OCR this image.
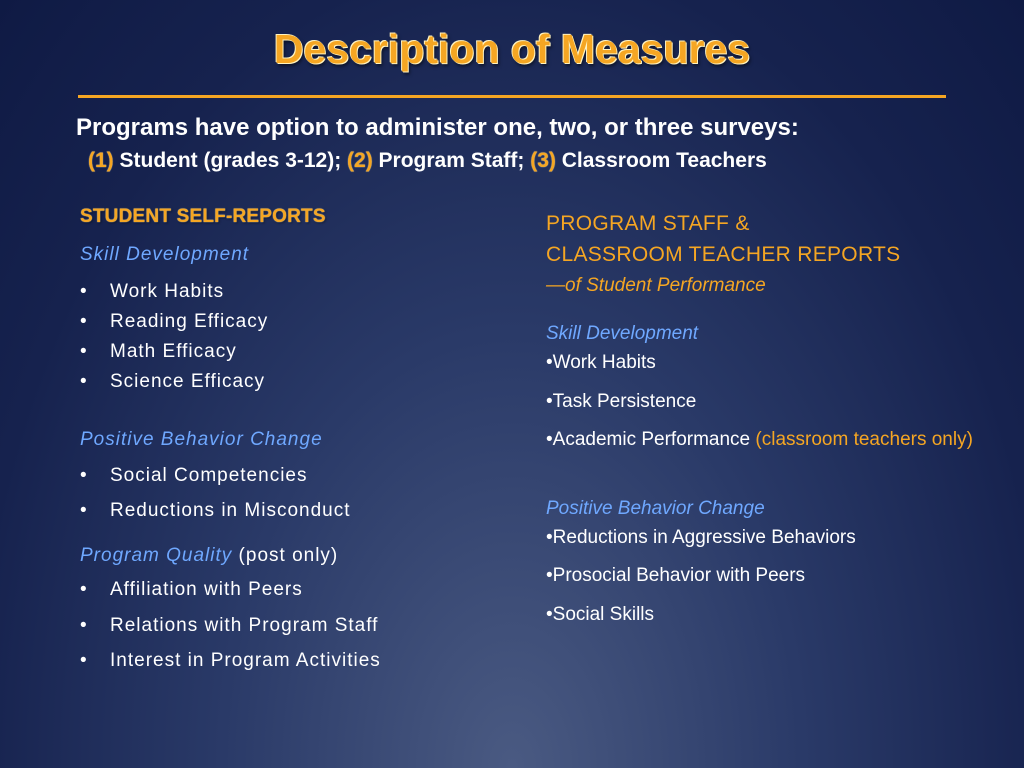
Description of Measures
Programs have option to administer one, two, or three surveys:
(1) Student (grades 3-12); (2) Program Staff; (3) Classroom Teachers
STUDENT SELF-REPORTS
Skill Development
• Work Habits
• Reading Efficacy
• Math Efficacy
• Science Efficacy
Positive Behavior Change
• Social Competencies
• Reductions in Misconduct
Program Quality (post only)
• Affiliation with Peers
• Relations with Program Staff
• Interest in Program Activities
PROGRAM STAFF &
CLASSROOM TEACHER REPORTS
—of Student Performance
Skill Development
•Work Habits
•Task Persistence
•Academic Performance (classroom teachers only)
Positive Behavior Change
•Reductions in Aggressive Behaviors
•Prosocial Behavior with Peers
•Social Skills
